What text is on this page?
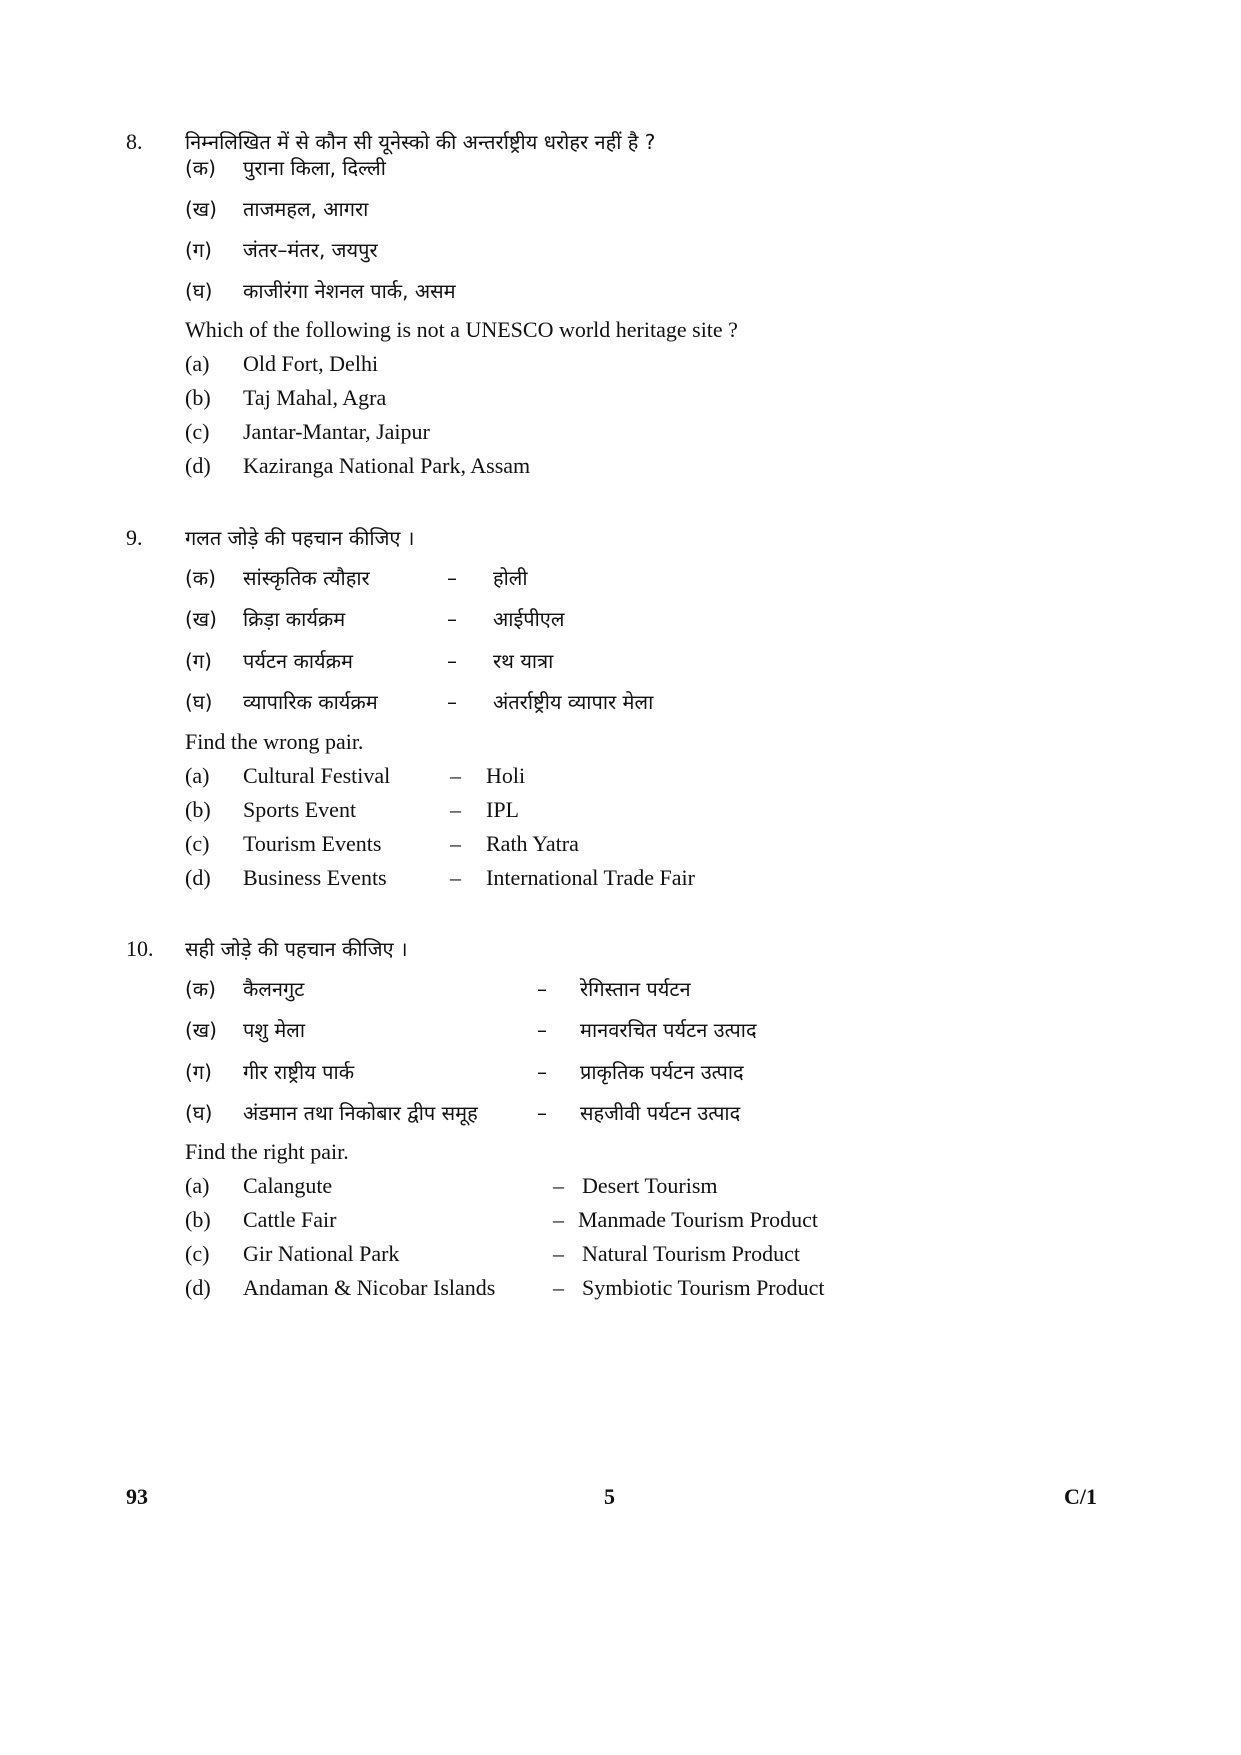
8. निम्नलिखित में से कौन सी यूनेस्को की अन्तर्राष्ट्रीय धरोहर नहीं है ?
(क) पुराना किला, दिल्ली
(ख) ताजमहल, आगरा
(ग) जंतर–मंतर, जयपुर
(घ) काजीरंगा नेशनल पार्क, असम
Which of the following is not a UNESCO world heritage site ?
(a) Old Fort, Delhi
(b) Taj Mahal, Agra
(c) Jantar-Mantar, Jaipur
(d) Kaziranga National Park, Assam
9. गलत जोड़े की पहचान कीजिए ।
(क) सांस्कृतिक त्यौहार	– होली
(ख) क्रिड़ा कार्यक्रम	– आईपीएल
(ग) पर्यटन कार्यक्रम	– रथ यात्रा
(घ) व्यापारिक कार्यक्रम	– अंतर्राष्ट्रीय व्यापार मेला
Find the wrong pair.
(a) Cultural Festival	– Holi
(b) Sports Event	– IPL
(c) Tourism Events	– Rath Yatra
(d) Business Events	– International Trade Fair
10. सही जोड़े की पहचान कीजिए ।
(क) कैलनगुट	– रेगिस्तान पर्यटन
(ख) पशु मेला	– मानवरचित पर्यटन उत्पाद
(ग) गीर राष्ट्रीय पार्क	– प्राकृतिक पर्यटन उत्पाद
(घ) अंडमान तथा निकोबार द्वीप समूह	– सहजीवी पर्यटन उत्पाद
Find the right pair.
(a) Calangute	– Desert Tourism
(b) Cattle Fair	– Manmade Tourism Product
(c) Gir National Park	– Natural Tourism Product
(d) Andaman & Nicobar Islands	– Symbiotic Tourism Product
93	5	C/1
